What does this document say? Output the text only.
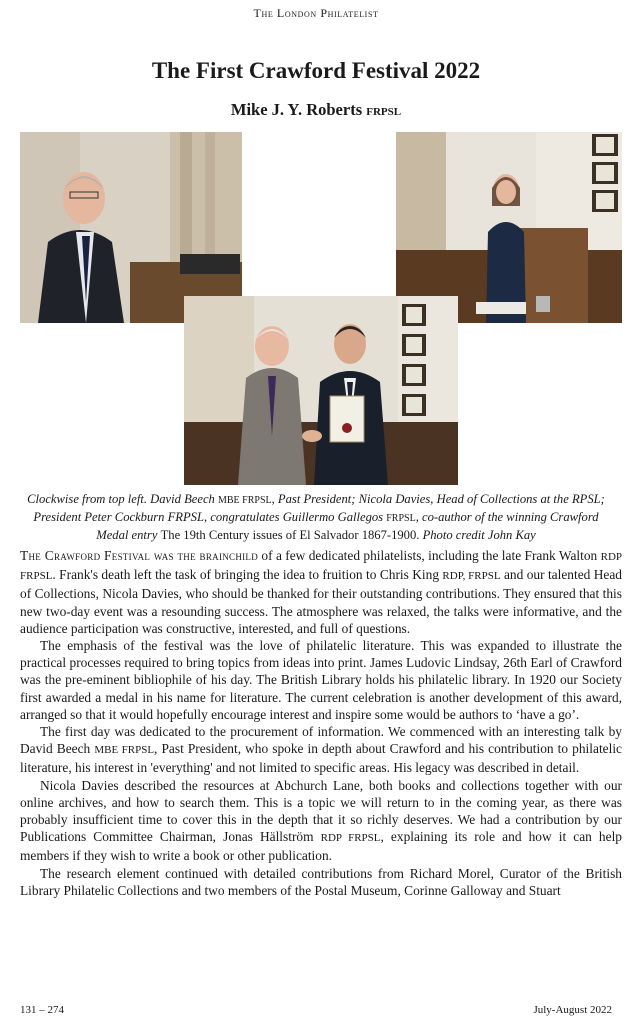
The London Philatelist
The First Crawford Festival 2022
Mike J. Y. Roberts FRPSL
Clockwise from top left. David Beech MBE FRPSL, Past President; Nicola Davies, Head of Collections at the RPSL; President Peter Cockburn FRPSL, congratulates Guillermo Gallegos FRPSL, co-author of the winning Crawford Medal entry The 19th Century issues of El Salvador 1867-1900. Photo credit John Kay

The Crawford Festival was the brainchild of a few dedicated philatelists, including the late Frank Walton RDP FRPSL. Frank's death left the task of bringing the idea to fruition to Chris King RDP, FRPSL and our talented Head of Collections, Nicola Davies, who should be thanked for their outstanding contributions. They ensured that this new two-day event was a resounding success. The atmosphere was relaxed, the talks were informative, and the audience participation was constructive, interested, and full of questions.

The emphasis of the festival was the love of philatelic literature. This was expanded to illustrate the practical processes required to bring topics from ideas into print. James Ludovic Lindsay, 26th Earl of Crawford was the pre-eminent bibliophile of his day. The British Library holds his philatelic library. In 1920 our Society first awarded a medal in his name for literature. The current celebration is another development of this award, arranged so that it would hopefully encourage interest and inspire some would be authors to ‘have a go’.

The first day was dedicated to the procurement of information. We commenced with an interesting talk by David Beech MBE FRPSL, Past President, who spoke in depth about Crawford and his contribution to philatelic literature, his interest in 'everything' and not limited to specific areas. His legacy was described in detail.

Nicola Davies described the resources at Abchurch Lane, both books and collections together with our online archives, and how to search them. This is a topic we will return to in the coming year, as there was probably insufficient time to cover this in the depth that it so richly deserves. We had a contribution by our Publications Committee Chairman, Jonas Hällström RDP FRPSL, explaining its role and how it can help members if they wish to write a book or other publication.

The research element continued with detailed contributions from Richard Morel, Curator of the British Library Philatelic Collections and two members of the Postal Museum, Corinne Galloway and Stuart

131 – 274	July-August 2022
